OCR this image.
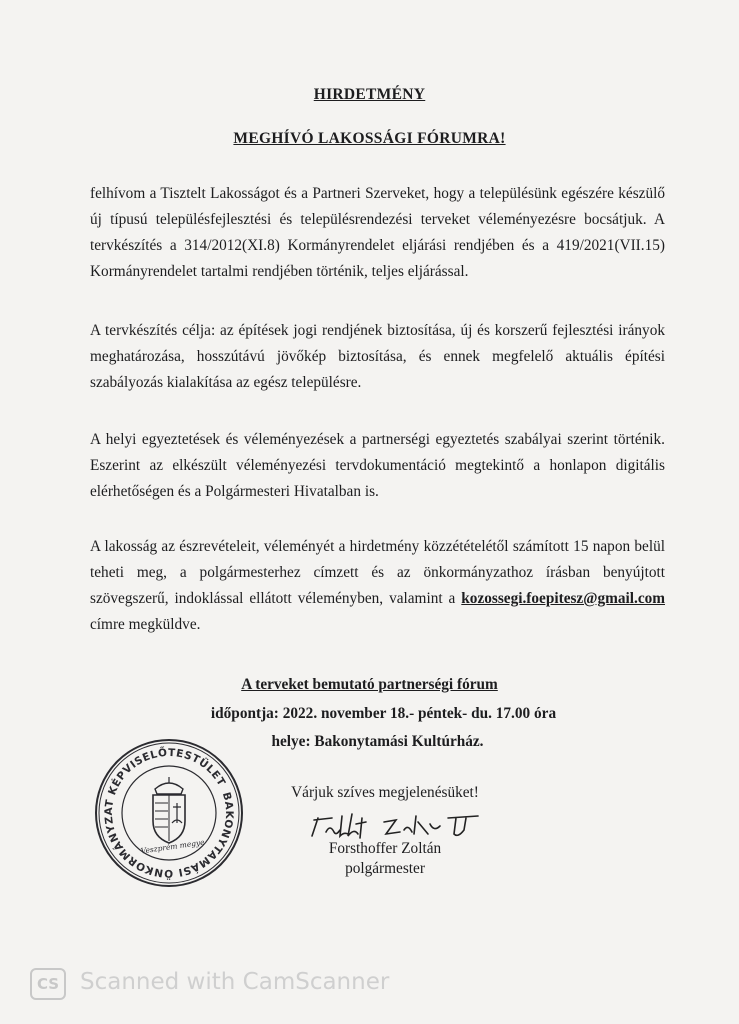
HIRDETMÉNY
MEGHÍVÓ LAKOSSÁGI FÓRUMRA!
felhívom a Tisztelt Lakosságot és a Partneri Szerveket, hogy a településünk egészére készülő új típusú településfejlesztési és településrendezési terveket véleményezésre bocsátjuk. A tervkészítés a 314/2012(XI.8) Kormányrendelet eljárási rendjében és a 419/2021(VII.15) Kormányrendelet tartalmi rendjében történik, teljes eljárással.
A tervkészítés célja: az építések jogi rendjének biztosítása, új és korszerű fejlesztési irányok meghatározása, hosszútávú jövőkép biztosítása, és ennek megfelelő aktuális építési szabályozás kialakítása az egész településre.
A helyi egyeztetések és véleményezések a partnerségi egyeztetés szabályai szerint történik. Eszerint az elkészült véleményezési tervdokumentáció megtekintő a honlapon digitális elérhetőségen és a Polgármesteri Hivatalban is.
A lakosság az észrevételeit, véleményét a hirdetmény közzétételétől számított 15 napon belül teheti meg, a polgármesterhez címzett és az önkormányzathoz írásban benyújtott szövegszerű, indoklással ellátott véleményben, valamint a kozossegi.foepitesz@gmail.com címre megküldve.
A terveket bemutató partnerségi fórum
időpontja: 2022. november 18.- péntek- du. 17.00 óra
helye: Bakonytamási Kultúrház.
BAKONYTAMÁSI ÖNKORMÁNYZAT KÉPVISELŐTESTÜLET
Veszprém megye
Várjuk szíves megjelenésüket!
Forsthoffer Zoltán
polgármester
CS Scanned with CamScanner
